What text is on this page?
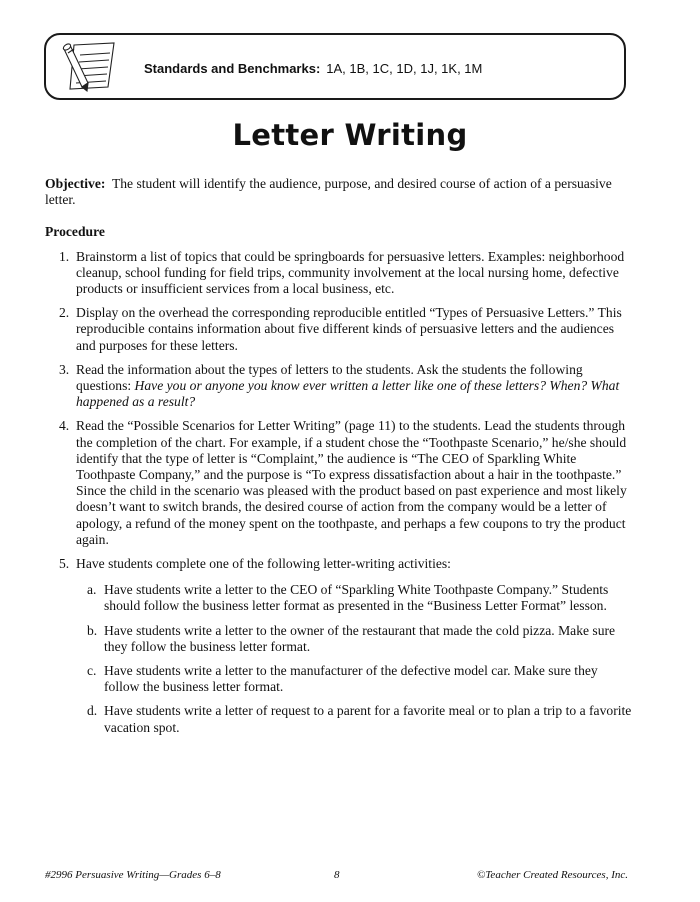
Standards and Benchmarks: 1A, 1B, 1C, 1D, 1J, 1K, 1M
Letter Writing

Objective: The student will identify the audience, purpose, and desired course of action of a persuasive letter.

Procedure

1. Brainstorm a list of topics that could be springboards for persuasive letters. Examples: neighborhood cleanup, school funding for field trips, community involvement at the local nursing home, defective products or insufficient services from a local business, etc.
2. Display on the overhead the corresponding reproducible entitled “Types of Persuasive Letters.” This reproducible contains information about five different kinds of persuasive letters and the audiences and purposes for these letters.
3. Read the information about the types of letters to the students. Ask the students the following questions: Have you or anyone you know ever written a letter like one of these letters? When? What happened as a result?
4. Read the “Possible Scenarios for Letter Writing” (page 11) to the students. Lead the students through the completion of the chart. For example, if a student chose the “Toothpaste Scenario,” he/she should identify that the type of letter is “Complaint,” the audience is “The CEO of Sparkling White Toothpaste Company,” and the purpose is “To express dissatisfaction about a hair in the toothpaste.” Since the child in the scenario was pleased with the product based on past experience and most likely doesn’t want to switch brands, the desired course of action from the company would be a letter of apology, a refund of the money spent on the toothpaste, and perhaps a few coupons to try the product again.
5. Have students complete one of the following letter-writing activities:
a. Have students write a letter to the CEO of “Sparkling White Toothpaste Company.” Students should follow the business letter format as presented in the “Business Letter Format” lesson.
b. Have students write a letter to the owner of the restaurant that made the cold pizza. Make sure they follow the business letter format.
c. Have students write a letter to the manufacturer of the defective model car. Make sure they follow the business letter format.
d. Have students write a letter of request to a parent for a favorite meal or to plan a trip to a favorite vacation spot.
#2996 Persuasive Writing—Grades 6–8	8	©Teacher Created Resources, Inc.
